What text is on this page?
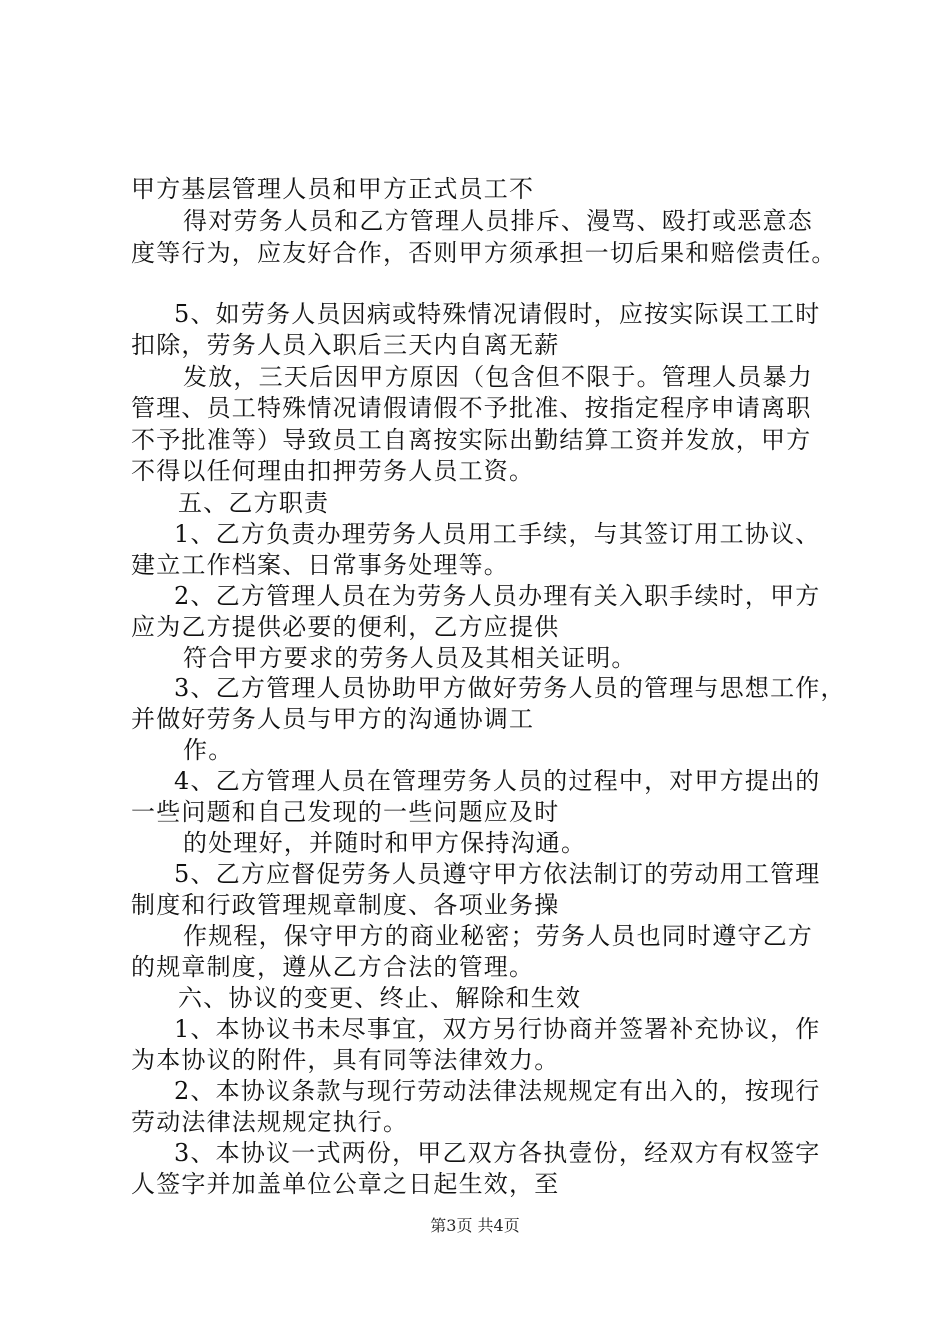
甲方基层管理人员和甲方正式员工不
得对劳务人员和乙方管理人员排斥、漫骂、殴打或恶意态
度等行为，应友好合作，否则甲方须承担一切后果和赔偿责任。
5、如劳务人员因病或特殊情况请假时，应按实际误工工时
扣除，劳务人员入职后三天内自离无薪
发放，三天后因甲方原因（包含但不限于。管理人员暴力
管理、员工特殊情况请假请假不予批准、按指定程序申请离职
不予批准等）导致员工自离按实际出勤结算工资并发放，甲方
不得以任何理由扣押劳务人员工资。
五、乙方职责
1、乙方负责办理劳务人员用工手续，与其签订用工协议、
建立工作档案、日常事务处理等。
2、乙方管理人员在为劳务人员办理有关入职手续时，甲方
应为乙方提供必要的便利，乙方应提供
符合甲方要求的劳务人员及其相关证明。
3、乙方管理人员协助甲方做好劳务人员的管理与思想工作，
并做好劳务人员与甲方的沟通协调工
作。
4、乙方管理人员在管理劳务人员的过程中，对甲方提出的
一些问题和自己发现的一些问题应及时
的处理好，并随时和甲方保持沟通。
5、乙方应督促劳务人员遵守甲方依法制订的劳动用工管理
制度和行政管理规章制度、各项业务操
作规程，保守甲方的商业秘密；劳务人员也同时遵守乙方
的规章制度，遵从乙方合法的管理。
六、协议的变更、终止、解除和生效
1、本协议书未尽事宜，双方另行协商并签署补充协议，作
为本协议的附件，具有同等法律效力。
2、本协议条款与现行劳动法律法规规定有出入的，按现行
劳动法律法规规定执行。
3、本协议一式两份，甲乙双方各执壹份，经双方有权签字
人签字并加盖单位公章之日起生效，至
第3页 共4页
